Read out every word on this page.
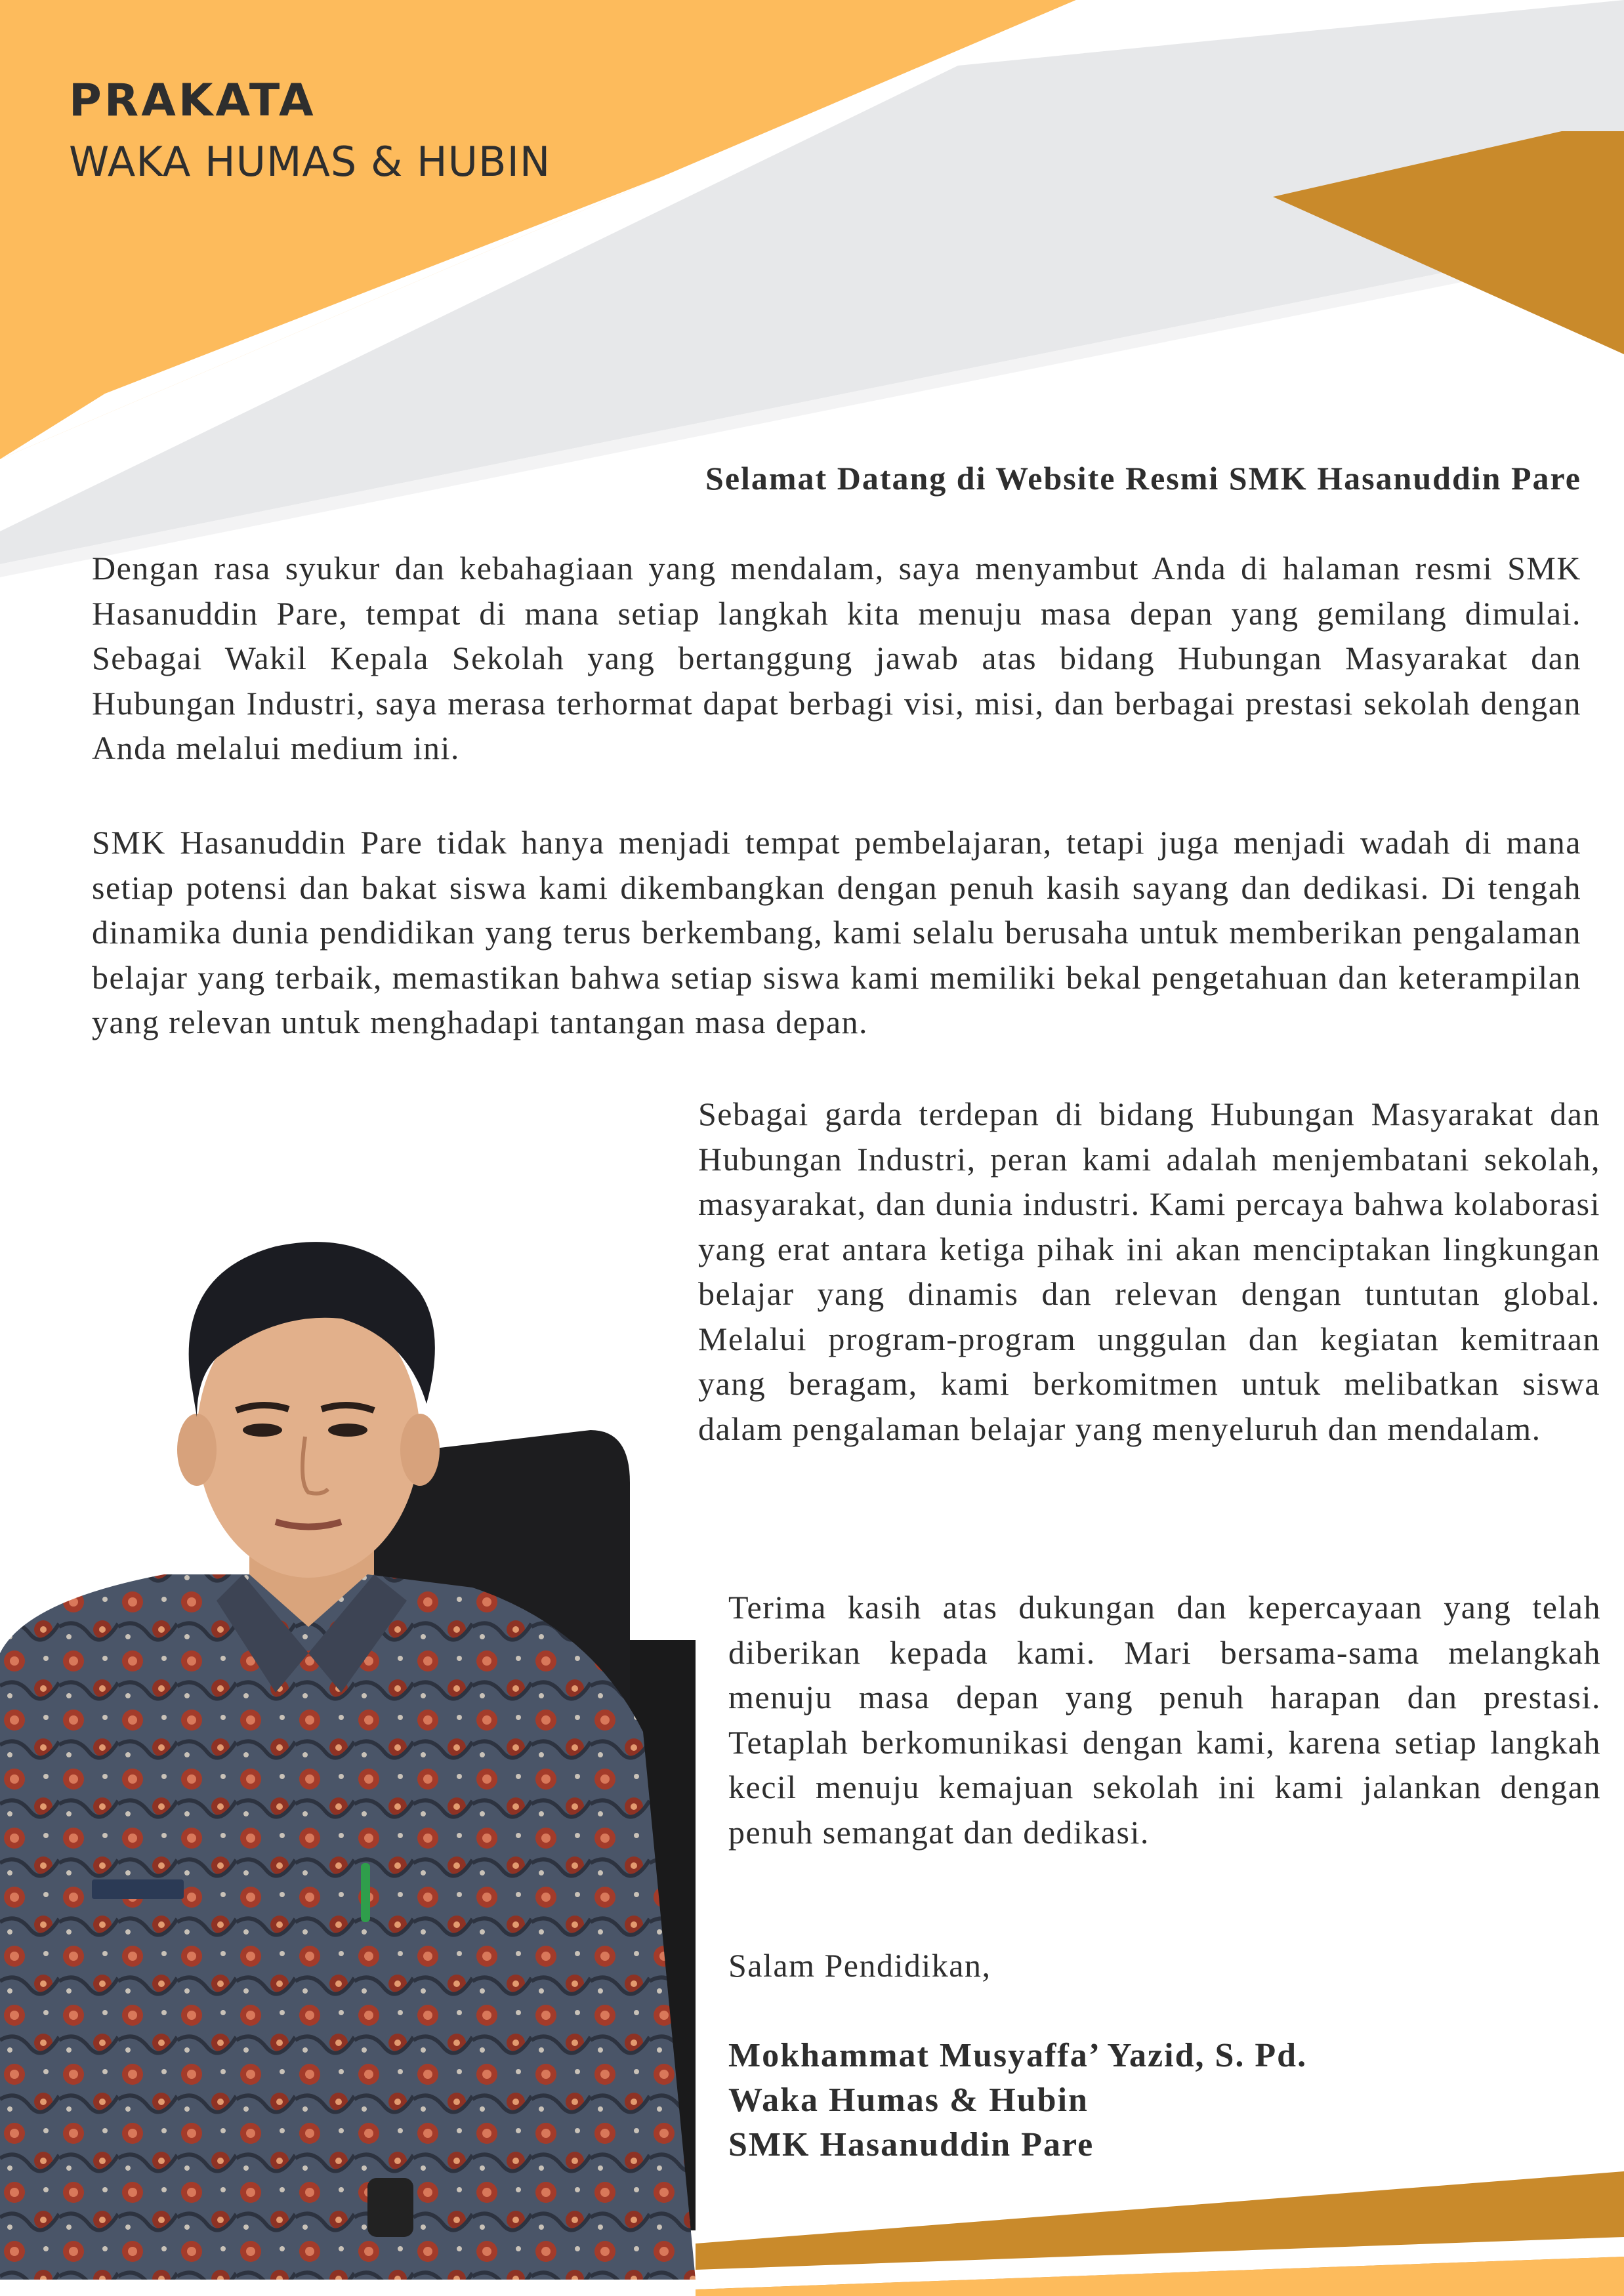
PRAKATA
WAKA HUMAS & HUBIN
Selamat Datang di Website Resmi SMK Hasanuddin Pare

Dengan rasa syukur dan kebahagiaan yang mendalam, saya menyambut Anda di halaman resmi SMK Hasanuddin Pare, tempat di mana setiap langkah kita menuju masa depan yang gemilang dimulai. Sebagai Wakil Kepala Sekolah yang bertanggung jawab atas bidang Hubungan Masyarakat dan Hubungan Industri, saya merasa terhormat dapat berbagi visi, misi, dan berbagai prestasi sekolah dengan Anda melalui medium ini.

SMK Hasanuddin Pare tidak hanya menjadi tempat pembelajaran, tetapi juga menjadi wadah di mana setiap potensi dan bakat siswa kami dikembangkan dengan penuh kasih sayang dan dedikasi. Di tengah dinamika dunia pendidikan yang terus berkembang, kami selalu berusaha untuk memberikan pengalaman belajar yang terbaik, memastikan bahwa setiap siswa kami memiliki bekal pengetahuan dan keterampilan yang relevan untuk menghadapi tantangan masa depan.

Sebagai garda terdepan di bidang Hubungan Masyarakat dan Hubungan Industri, peran kami adalah menjembatani sekolah, masyarakat, dan dunia industri. Kami percaya bahwa kolaborasi yang erat antara ketiga pihak ini akan menciptakan lingkungan belajar yang dinamis dan relevan dengan tuntutan global. Melalui program-program unggulan dan kegiatan kemitraan yang beragam, kami berkomitmen untuk melibatkan siswa dalam pengalaman belajar yang menyeluruh dan mendalam.

Terima kasih atas dukungan dan kepercayaan yang telah diberikan kepada kami. Mari bersama-sama melangkah menuju masa depan yang penuh harapan dan prestasi. Tetaplah berkomunikasi dengan kami, karena setiap langkah kecil menuju kemajuan sekolah ini kami jalankan dengan penuh semangat dan dedikasi.

Salam Pendidikan,

Mokhammat Musyaffa’ Yazid, S. Pd.
Waka Humas & Hubin
SMK Hasanuddin Pare
